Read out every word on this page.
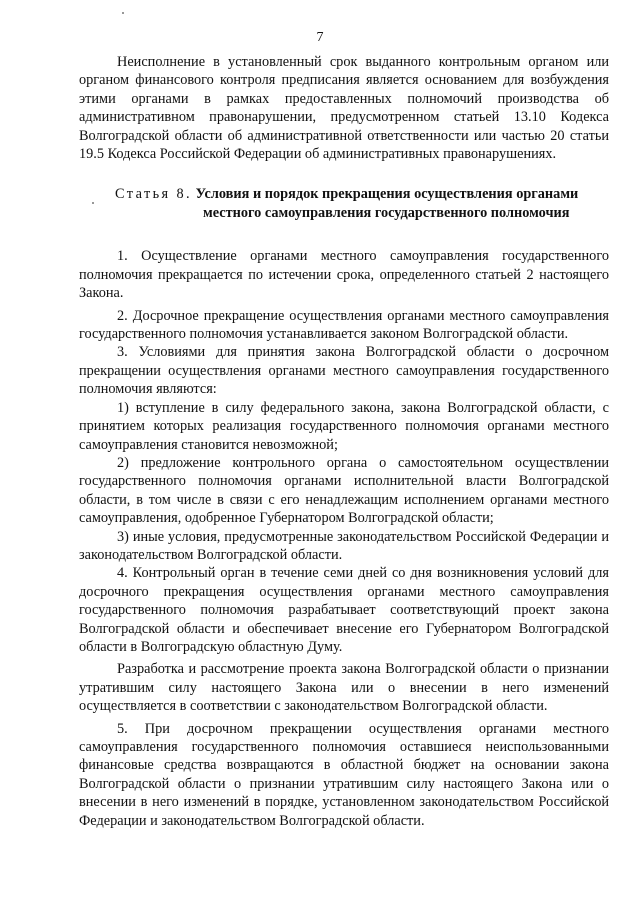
7

Неисполнение в установленный срок выданного контрольным органом или органом финансового контроля предписания является основанием для возбуждения этими органами в рамках предоставленных полномочий производства об административном правонарушении, предусмотренном статьей 13.10 Кодекса Волгоградской области об административной ответственности или частью 20 статьи 19.5 Кодекса Российской Федерации об административных правонарушениях.

Статья 8. Условия и порядок прекращения осуществления органами местного самоуправления государственного полномочия

1. Осуществление органами местного самоуправления государственного полномочия прекращается по истечении срока, определенного статьей 2 настоящего Закона.

2. Досрочное прекращение осуществления органами местного самоуправления государственного полномочия устанавливается законом Волгоградской области.

3. Условиями для принятия закона Волгоградской области о досрочном прекращении осуществления органами местного самоуправления государственного полномочия являются:

1) вступление в силу федерального закона, закона Волгоградской области, с принятием которых реализация государственного полномочия органами местного самоуправления становится невозможной;

2) предложение контрольного органа о самостоятельном осуществлении государственного полномочия органами исполнительной власти Волгоградской области, в том числе в связи с его ненадлежащим исполнением органами местного самоуправления, одобренное Губернатором Волгоградской области;

3) иные условия, предусмотренные законодательством Российской Федерации и законодательством Волгоградской области.

4. Контрольный орган в течение семи дней со дня возникновения условий для досрочного прекращения осуществления органами местного самоуправления государственного полномочия разрабатывает соответствующий проект закона Волгоградской области и обеспечивает внесение его Губернатором Волгоградской области в Волгоградскую областную Думу.

Разработка и рассмотрение проекта закона Волгоградской области о признании утратившим силу настоящего Закона или о внесении в него изменений осуществляется в соответствии с законодательством Волгоградской области.

5. При досрочном прекращении осуществления органами местного самоуправления государственного полномочия оставшиеся неиспользованными финансовые средства возвращаются в областной бюджет на основании закона Волгоградской области о признании утратившим силу настоящего Закона или о внесении в него изменений в порядке, установленном законодательством Российской Федерации и законодательством Волгоградской области.
